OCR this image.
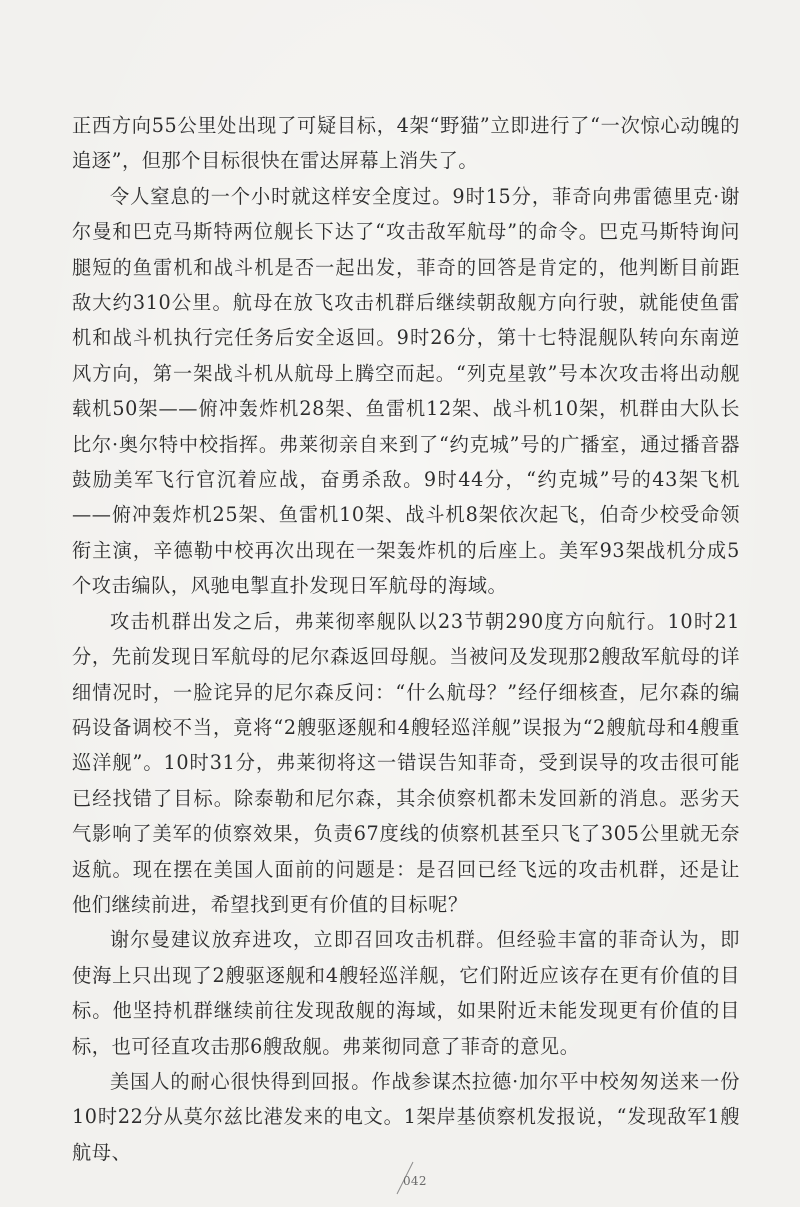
正西方向55公里处出现了可疑目标，4架“野猫”立即进行了“一次惊心动魄的追逐”，但那个目标很快在雷达屏幕上消失了。

令人窒息的一个小时就这样安全度过。9时15分，菲奇向弗雷德里克·谢尔曼和巴克马斯特两位舰长下达了“攻击敌军航母”的命令。巴克马斯特询问腿短的鱼雷机和战斗机是否一起出发，菲奇的回答是肯定的，他判断目前距敌大约310公里。航母在放飞攻击机群后继续朝敌舰方向行驶，就能使鱼雷机和战斗机执行完任务后安全返回。9时26分，第十七特混舰队转向东南逆风方向，第一架战斗机从航母上腾空而起。“列克星敦”号本次攻击将出动舰载机50架——俯冲轰炸机28架、鱼雷机12架、战斗机10架，机群由大队长比尔·奥尔特中校指挥。弗莱彻亲自来到了“约克城”号的广播室，通过播音器鼓励美军飞行官沉着应战，奋勇杀敌。9时44分，“约克城”号的43架飞机——俯冲轰炸机25架、鱼雷机10架、战斗机8架依次起飞，伯奇少校受命领衔主演，辛德勒中校再次出现在一架轰炸机的后座上。美军93架战机分成5个攻击编队，风驰电掣直扑发现日军航母的海域。

攻击机群出发之后，弗莱彻率舰队以23节朝290度方向航行。10时21分，先前发现日军航母的尼尔森返回母舰。当被问及发现那2艘敌军航母的详细情况时，一脸诧异的尼尔森反问：“什么航母？”经仔细核查，尼尔森的编码设备调校不当，竟将“2艘驱逐舰和4艘轻巡洋舰”误报为“2艘航母和4艘重巡洋舰”。10时31分，弗莱彻将这一错误告知菲奇，受到误导的攻击很可能已经找错了目标。除泰勒和尼尔森，其余侦察机都未发回新的消息。恶劣天气影响了美军的侦察效果，负责67度线的侦察机甚至只飞了305公里就无奈返航。现在摆在美国人面前的问题是：是召回已经飞远的攻击机群，还是让他们继续前进，希望找到更有价值的目标呢？

谢尔曼建议放弃进攻，立即召回攻击机群。但经验丰富的菲奇认为，即使海上只出现了2艘驱逐舰和4艘轻巡洋舰，它们附近应该存在更有价值的目标。他坚持机群继续前往发现敌舰的海域，如果附近未能发现更有价值的目标，也可径直攻击那6艘敌舰。弗莱彻同意了菲奇的意见。

美国人的耐心很快得到回报。作战参谋杰拉德·加尔平中校匆匆送来一份10时22分从莫尔兹比港发来的电文。1架岸基侦察机发报说，“发现敌军1艘航母、

042
